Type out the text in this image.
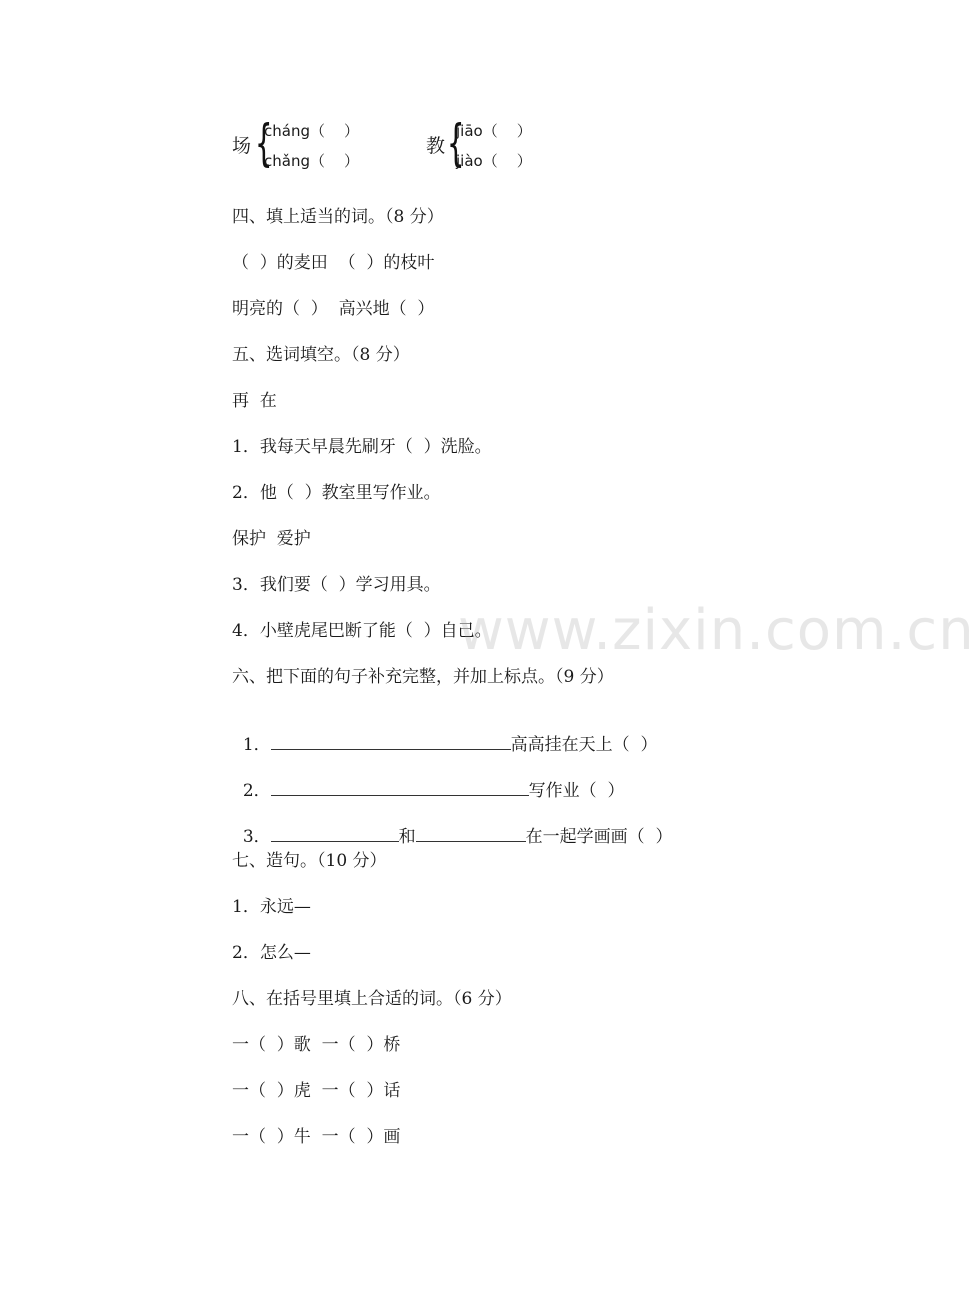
场 {
cháng（    ）
chǎng（    ）
教 {
jiāo（    ）
jiào（    ）
四、填上适当的词。（8 分）
（  ）的麦田  （  ）的枝叶
明亮的（  ）  高兴地（  ）
五、选词填空。（8 分）
再  在
1．我每天早晨先刷牙（  ）洗脸。
2．他（  ）教室里写作业。
保护  爱护
3．我们要（  ）学习用具。
4．小壁虎尾巴断了能（  ）自己。
六、把下面的句子补充完整，并加上标点。（9 分）

1．	高高挂在天上（  ）

2．	写作业（  ）

3．	和	在一起学画画（  ）

七、造句。（10 分）
1．永远—
2．怎么—
八、在括号里填上合适的词。（6 分）
一（  ）歌  一（  ）桥
一（  ）虎  一（  ）话
一（  ）牛  一（  ）画
www.zixin.com.cn
